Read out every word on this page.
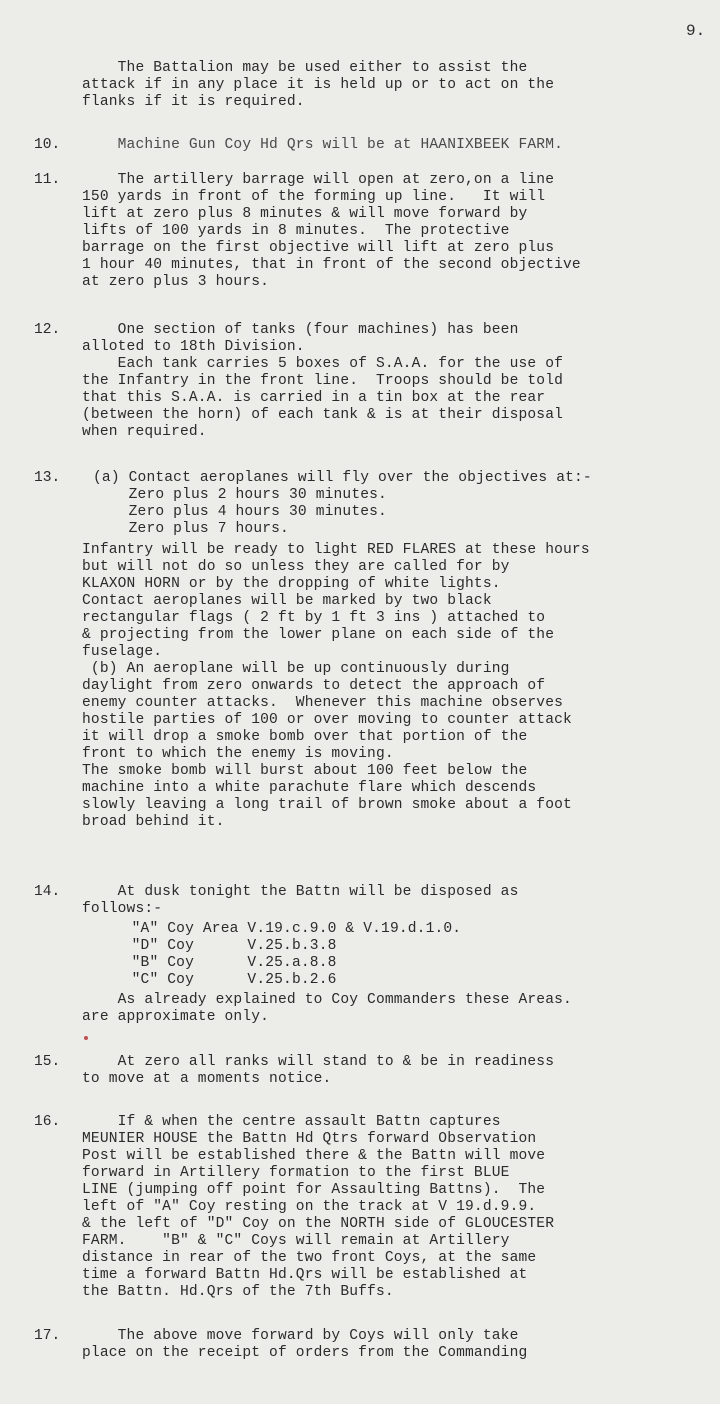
9.
The Battalion may be used either to assist the
attack if in any place it is held up or to act on the
flanks if it is required.
10. Machine Gun Coy Hd Qrs will be at HAANIXBEEK FARM.
11. The artillery barrage will open at zero,on a line
150 yards in front of the forming up line.   It will
lift at zero plus 8 minutes & will move forward by
lifts of 100 yards in 8 minutes.  The protective
barrage on the first objective will lift at zero plus
1 hour 40 minutes, that in front of the second objective
at zero plus 3 hours.
12. One section of tanks (four machines) has been
alloted to 18th Division.
Each tank carries 5 boxes of S.A.A. for the use of
the Infantry in the front line.  Troops should be told
that this S.A.A. is carried in a tin box at the rear
(between the horn) of each tank & is at their disposal
when required.
13. (a) Contact aeroplanes will fly over the objectives at:-
Zero plus 2 hours 30 minutes.
Zero plus 4 hours 30 minutes.
Zero plus 7 hours.
Infantry will be ready to light RED FLARES at these hours
but will not do so unless they are called for by
KLAXON HORN or by the dropping of white lights.
Contact aeroplanes will be marked by two black
rectangular flags ( 2 ft by 1 ft 3 ins ) attached to
& projecting from the lower plane on each side of the
fuselage.
(b) An aeroplane will be up continuously during
daylight from zero onwards to detect the approach of
enemy counter attacks.  Whenever this machine observes
hostile parties of 100 or over moving to counter attack
it will drop a smoke bomb over that portion of the
front to which the enemy is moving.
The smoke bomb will burst about 100 feet below the
machine into a white parachute flare which descends
slowly leaving a long trail of brown smoke about a foot
broad behind it.
14. At dusk tonight the Battn will be disposed as
follows:-
"A" Coy Area V.19.c.9.0 & V.19.d.1.0.
"D" Coy      V.25.b.3.8
"B" Coy      V.25.a.8.8
"C" Coy      V.25.b.2.6
As already explained to Coy Commanders these Areas.
are approximate only.
15. At zero all ranks will stand to & be in readiness
to move at a moments notice.
16. If & when the centre assault Battn captures
MEUNIER HOUSE the Battn Hd Qtrs forward Observation
Post will be established there & the Battn will move
forward in Artillery formation to the first BLUE
LINE (jumping off point for Assaulting Battns).  The
left of "A" Coy resting on the track at V 19.d.9.9.
& the left of "D" Coy on the NORTH side of GLOUCESTER
FARM.    "B" & "C" Coys will remain at Artillery
distance in rear of the two front Coys, at the same
time a forward Battn Hd.Qrs will be established at
the Battn. Hd.Qrs of the 7th Buffs.
17. The above move forward by Coys will only take
place on the receipt of orders from the Commanding
